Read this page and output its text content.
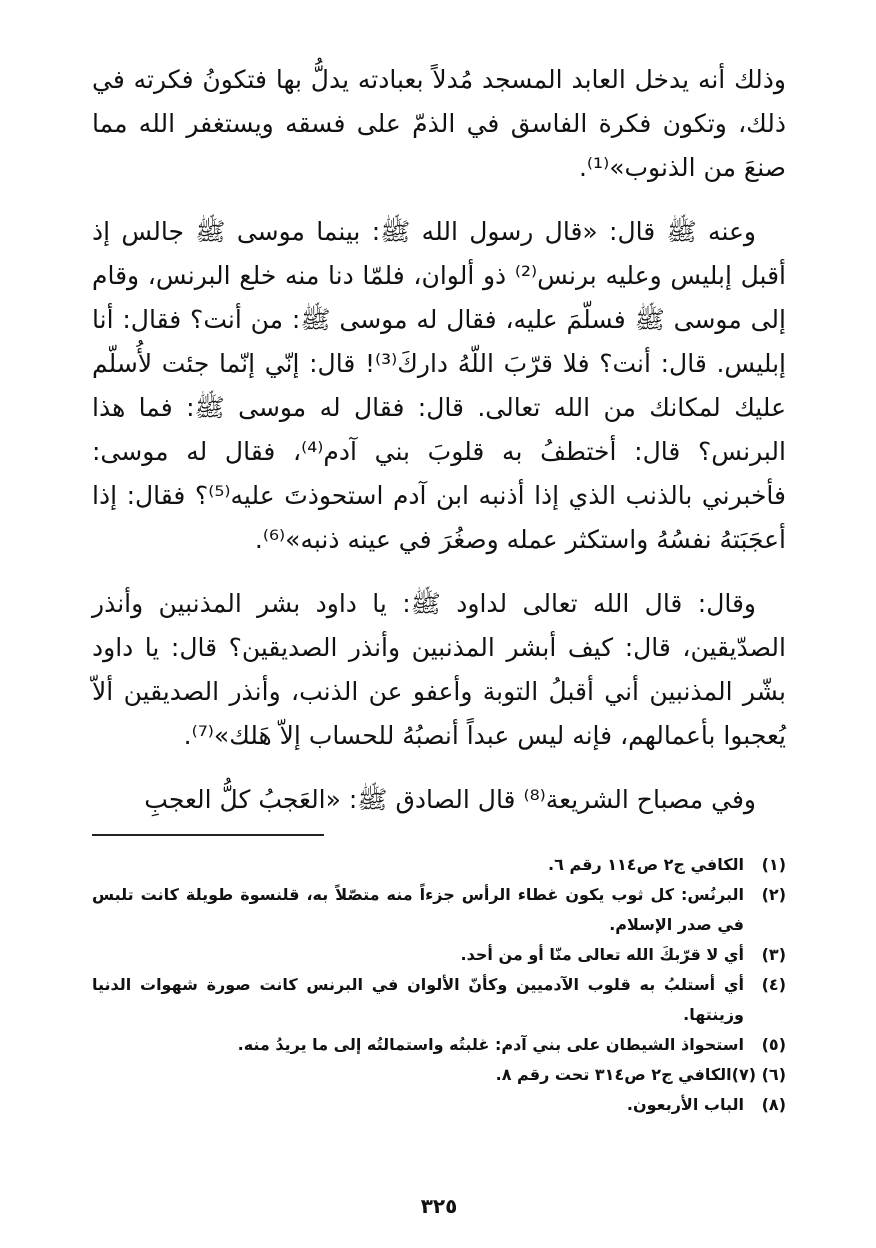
وذلك أنه يدخل العابد المسجد مُدلاً بعبادته يدلُّ بها فتكونُ فكرته في ذلك، وتكون فكرة الفاسق في الذمّ على فسقه ويستغفر الله مما صنعَ من الذنوب»⁽¹⁾.

وعنه ﷺ قال: «قال رسول الله ﷺ: بينما موسى ﷺ جالس إذ أقبل إبليس وعليه برنس⁽²⁾ ذو ألوان، فلمّا دنا منه خلع البرنس، وقام إلى موسى ﷺ فسلّمَ عليه، فقال له موسى ﷺ: من أنت؟ فقال: أنا إبليس. قال: أنت؟ فلا قرّبَ اللّهُ داركَ⁽³⁾! قال: إنّي إنّما جئت لأُسلّم عليك لمكانك من الله تعالى. قال: فقال له موسى ﷺ: فما هذا البرنس؟ قال: أختطفُ به قلوبَ بني آدم⁽⁴⁾، فقال له موسى: فأخبرني بالذنب الذي إذا أذنبه ابن آدم استحوذتَ عليه⁽⁵⁾؟ فقال: إذا أعجَبَتهُ نفسُهُ واستكثر عمله وصغُرَ في عينه ذنبه»⁽⁶⁾.

وقال: قال الله تعالى لداود ﷺ: يا داود بشر المذنبين وأنذر الصدّيقين، قال: كيف أبشر المذنبين وأنذر الصديقين؟ قال: يا داود بشّر المذنبين أني أقبلُ التوبة وأعفو عن الذنب، وأنذر الصديقين ألاّ يُعجبوا بأعمالهم، فإنه ليس عبداً أنصبُهُ للحساب إلاّ هَلك»⁽⁷⁾.

وفي مصباح الشريعة⁽⁸⁾ قال الصادق ﷺ: «العَجبُ كلُّ العجبِ

(١)
الكافي ج٢ ص١١٤ رقم ٦.
(٢)
البرنُس: كل ثوب يكون غطاء الرأس جزءاً منه متصّلاً به، قلنسوة طويلة كانت تلبس في صدر الإسلام.
(٣)
أي لا قرّبكَ الله تعالى منّا أو من أحد.
(٤)
أي أستلبُ به قلوب الآدميين وكأنّ الألوان في البرنس كانت صورة شهوات الدنيا وزينتها.
(٥)
استحواذ الشيطان على بني آدم: غلبتُه واستمالتُه إلى ما يريدُ منه.
(٦) (٧)
الكافي ج٢ ص٣١٤ تحت رقم ٨.
(٨)
الباب الأربعون.
٣٢٥
